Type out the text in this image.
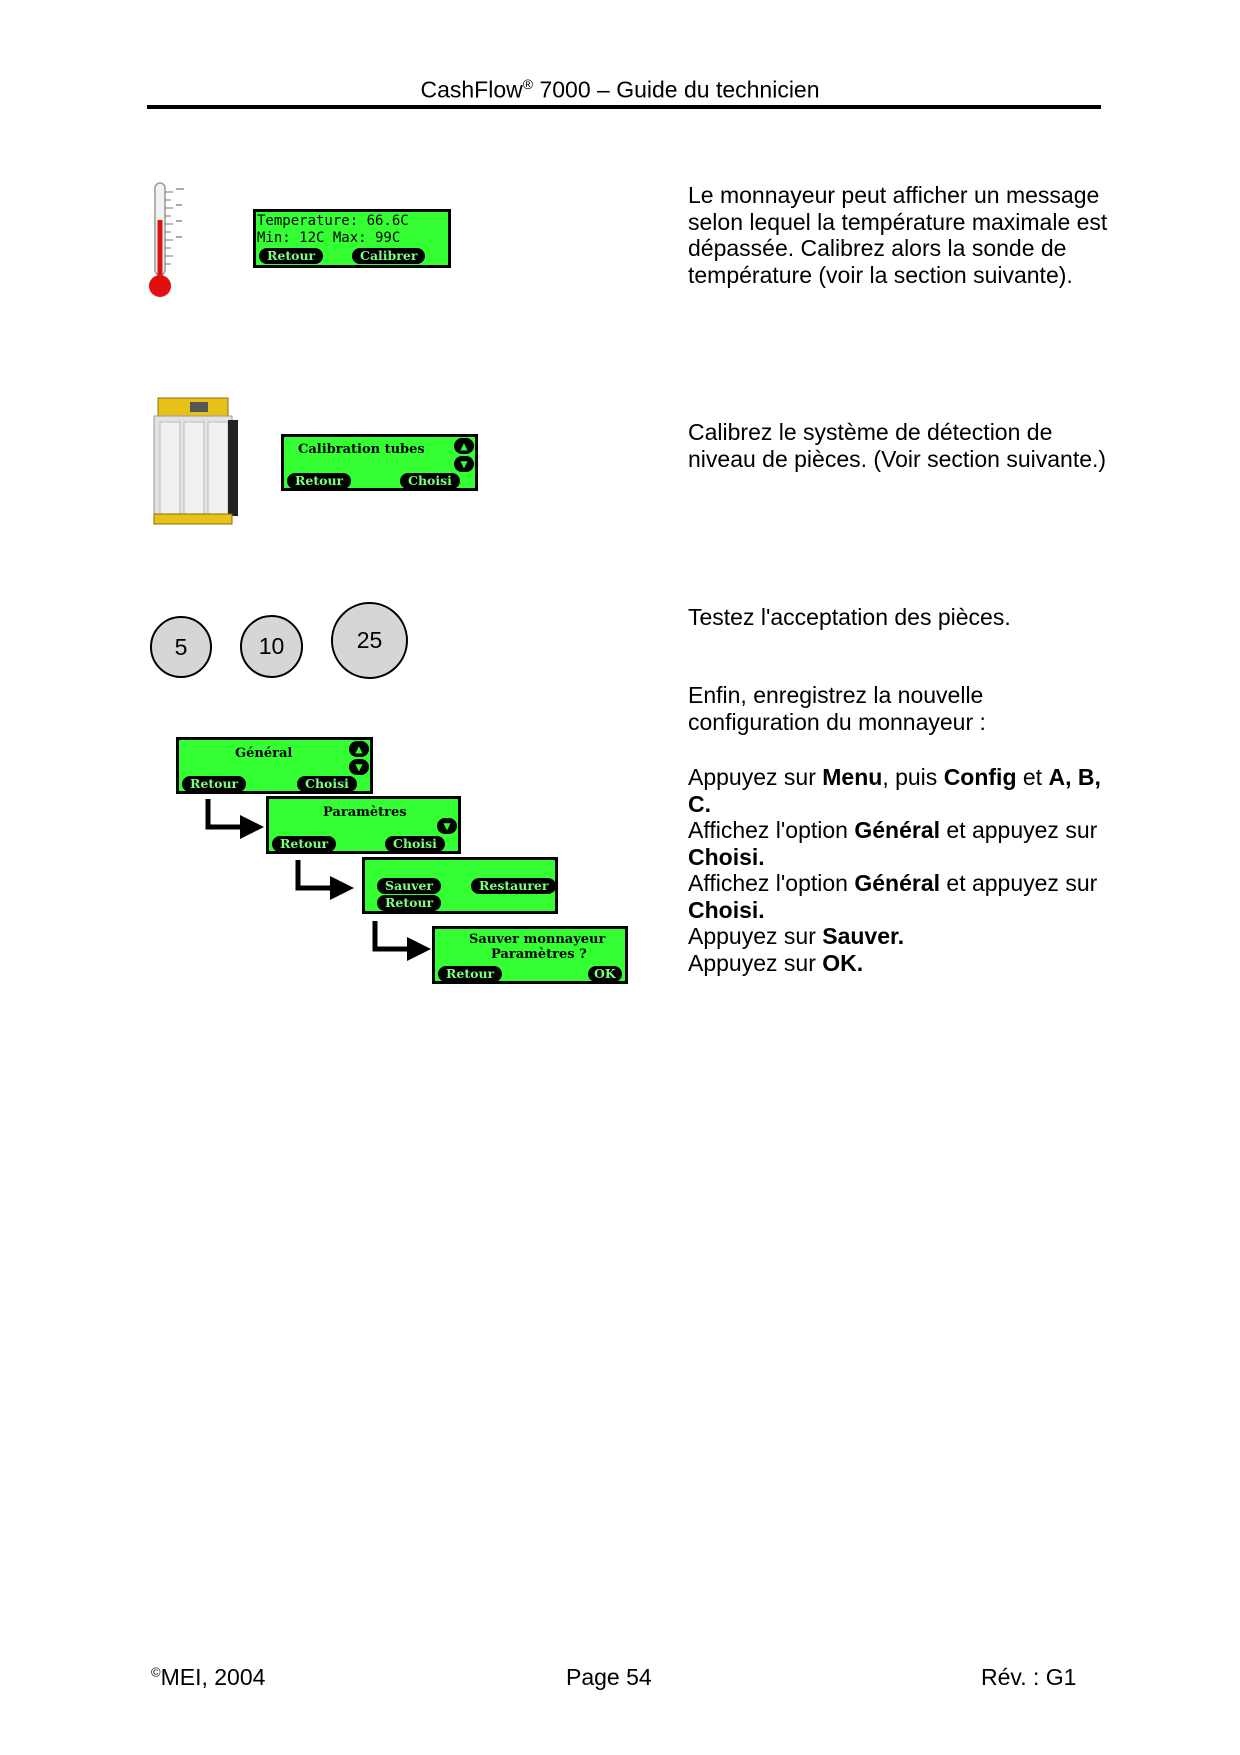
CashFlow® 7000 – Guide du technicien
Temperature: 66.6C
Min: 12C Max: 99C
Retour	Calibrer
Le monnayeur peut afficher un message selon lequel la température maximale est dépassée. Calibrez alors la sonde de température (voir la section suivante).
Calibration tubes	▲
▼
Retour	Choisi
Calibrez le système de détection de niveau de pièces. (Voir section suivante.)
5	10	25
Testez l'acceptation des pièces.
Général	▲
▼
Retour	Choisi
Paramètres
▼
Retour	Choisi
Sauver	Restaurer
Retour
Sauver monnayeur
Paramètres ?
Retour	OK
Enfin, enregistrez la nouvelle configuration du monnayeur :
Appuyez sur Menu, puis Config et A, B, C.
Affichez l'option Général et appuyez sur Choisi.
Affichez l'option Général et appuyez sur Choisi.
Appuyez sur Sauver.
Appuyez sur OK.
©MEI, 2004	Page 54	Rév. : G1
